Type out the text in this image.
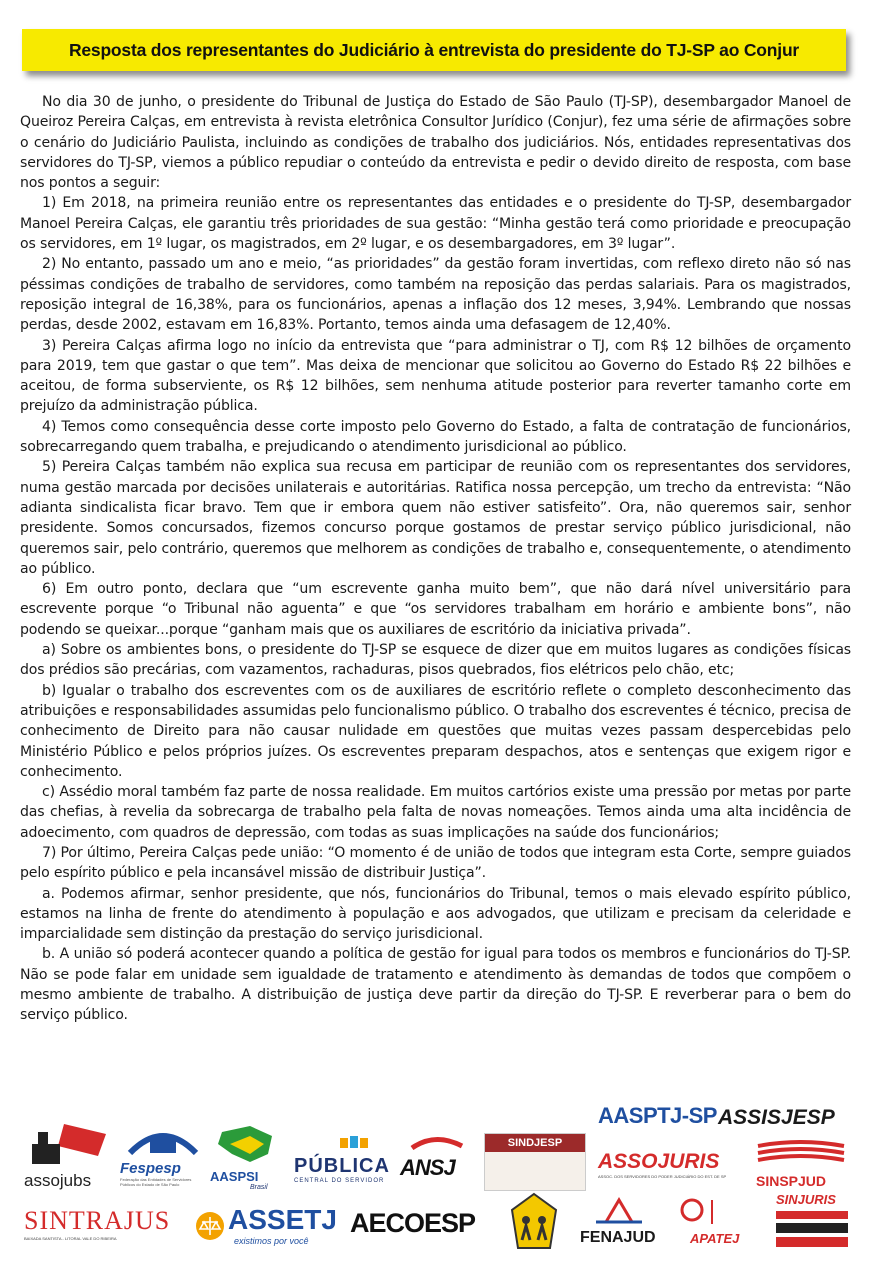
Resposta dos representantes do Judiciário à entrevista do presidente do TJ-SP ao Conjur

No dia 30 de junho, o presidente do Tribunal de Justiça do Estado de São Paulo (TJ-SP), desembargador Manoel de Queiroz Pereira Calças, em entrevista à revista eletrônica Consultor Jurídico (Conjur), fez uma série de afirmações sobre o cenário do Judiciário Paulista, incluindo as condições de trabalho dos judiciários. Nós, entidades representativas dos servidores do TJ-SP, viemos a público repudiar o conteúdo da entrevista e pedir o devido direito de resposta, com base nos pontos a seguir:

1) Em 2018, na primeira reunião entre os representantes das entidades e o presidente do TJ-SP, desembargador Manoel Pereira Calças, ele garantiu três prioridades de sua gestão: “Minha gestão terá como prioridade e preocupação os servidores, em 1º lugar, os magistrados, em 2º lugar, e os desembargadores, em 3º lugar”.

2) No entanto, passado um ano e meio, “as prioridades” da gestão foram invertidas, com reflexo direto não só nas péssimas condições de trabalho de servidores, como também na reposição das perdas salariais. Para os magistrados, reposição integral de 16,38%, para os funcionários, apenas a inflação dos 12 meses, 3,94%. Lembrando que nossas perdas, desde 2002, estavam em 16,83%. Portanto, temos ainda uma defasagem de 12,40%.

3) Pereira Calças afirma logo no início da entrevista que “para administrar o TJ, com R$ 12 bilhões de orçamento para 2019, tem que gastar o que tem”. Mas deixa de mencionar que solicitou ao Governo do Estado R$ 22 bilhões e aceitou, de forma subserviente, os R$ 12 bilhões, sem nenhuma atitude posterior para reverter tamanho corte em prejuízo da administração pública.

4) Temos como consequência desse corte imposto pelo Governo do Estado, a falta de contratação de funcionários, sobrecarregando quem trabalha, e prejudicando o atendimento jurisdicional ao público.

5) Pereira Calças também não explica sua recusa em participar de reunião com os representantes dos servidores, numa gestão marcada por decisões unilaterais e autoritárias. Ratifica nossa percepção, um trecho da entrevista: “Não adianta sindicalista ficar bravo. Tem que ir embora quem não estiver satisfeito”. Ora, não queremos sair, senhor presidente. Somos concursados, fizemos concurso porque gostamos de prestar serviço público jurisdicional, não queremos sair, pelo contrário, queremos que melhorem as condições de trabalho e, consequentemente, o atendimento ao público.

6) Em outro ponto, declara que “um escrevente ganha muito bem”, que não dará nível universitário para escrevente porque “o Tribunal não aguenta” e que “os servidores trabalham em horário e ambiente bons”, não podendo se queixar...porque “ganham mais que os auxiliares de escritório da iniciativa privada”.

a) Sobre os ambientes bons, o presidente do TJ-SP se esquece de dizer que em muitos lugares as condições físicas dos prédios são precárias, com vazamentos, rachaduras, pisos quebrados, fios elétricos pelo chão, etc;

b) Igualar o trabalho dos escreventes com os de auxiliares de escritório reflete o completo desconhecimento das atribuições e responsabilidades assumidas pelo funcionalismo público. O trabalho dos escreventes é técnico, precisa de conhecimento de Direito para não causar nulidade em questões que muitas vezes passam despercebidas pelo Ministério Público e pelos próprios juízes. Os escreventes preparam despachos, atos e sentenças que exigem rigor e conhecimento.

c) Assédio moral também faz parte de nossa realidade. Em muitos cartórios existe uma pressão por metas por parte das chefias, à revelia da sobrecarga de trabalho pela falta de novas nomeações. Temos ainda uma alta incidência de adoecimento, com quadros de depressão, com todas as suas implicações na saúde dos funcionários;

7) Por último, Pereira Calças pede união: “O momento é de união de todos que integram esta Corte, sempre guiados pelo espírito público e pela incansável missão de distribuir Justiça”.

a. Podemos afirmar, senhor presidente, que nós, funcionários do Tribunal, temos o mais elevado espírito público, estamos na linha de frente do atendimento à população e aos advogados, que utilizam e precisam da celeridade e imparcialidade sem distinção da prestação do serviço jurisdicional.

b. A união só poderá acontecer quando a política de gestão for igual para todos os membros e funcionários do TJ-SP. Não se pode falar em unidade sem igualdade de tratamento e atendimento às demandas de todos que compõem o mesmo ambiente de trabalho. A distribuição de justiça deve partir da direção do TJ-SP. E reverberar para o bem do serviço público.

assojubs
Fespesp
Federação das Entidades de Servidores Públicos do Estado de São Paulo
AASPSI
Brasil
PÚBLICA
CENTRAL DO SERVIDOR
ANSJ
SINDJESP
AASPTJ-SP ASSISJESP
ASSOJURIS
ASSOC. DOS SERVIDORES DO PODER JUDICIÁRIO DO EST. DE SP	SINSPJUD
SINTRAJUS
BAIXADA SANTISTA - LITORAL VALE DO RIBEIRA
ASSETJ
existimos por você
AECOESP	FENAJUD	APATEJ
SINJURIS
